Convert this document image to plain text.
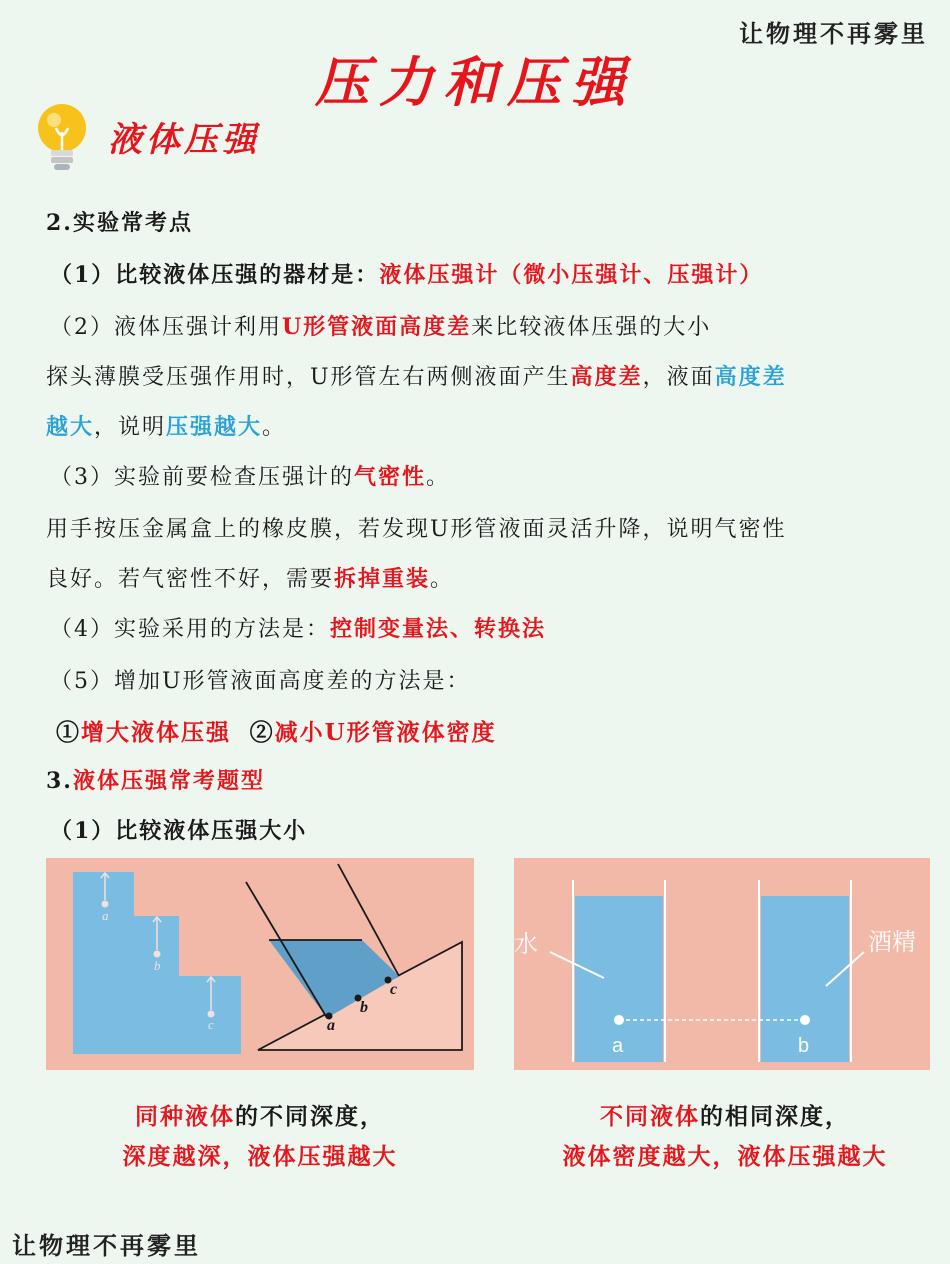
让物理不再雾里
压力和压强
液体压强
2.实验常考点
（1）比较液体压强的器材是：液体压强计（微小压强计、压强计）
（2）液体压强计利用U形管液面高度差来比较液体压强的大小
探头薄膜受压强作用时，U形管左右两侧液面产生高度差，液面高度差
越大，说明压强越大。
（3）实验前要检查压强计的气密性。
用手按压金属盒上的橡皮膜，若发现U形管液面灵活升降，说明气密性
良好。若气密性不好，需要拆掉重装。
（4）实验采用的方法是：控制变量法、转换法
（5）增加U形管液面高度差的方法是：
①增大液体压强 ②减小U形管液体密度
3.液体压强常考题型
（1）比较液体压强大小
a
b
c	a
b
c
水	酒精
a	b
同种液体的不同深度，
深度越深，液体压强越大
不同液体的相同深度，
液体密度越大，液体压强越大
让物理不再雾里
